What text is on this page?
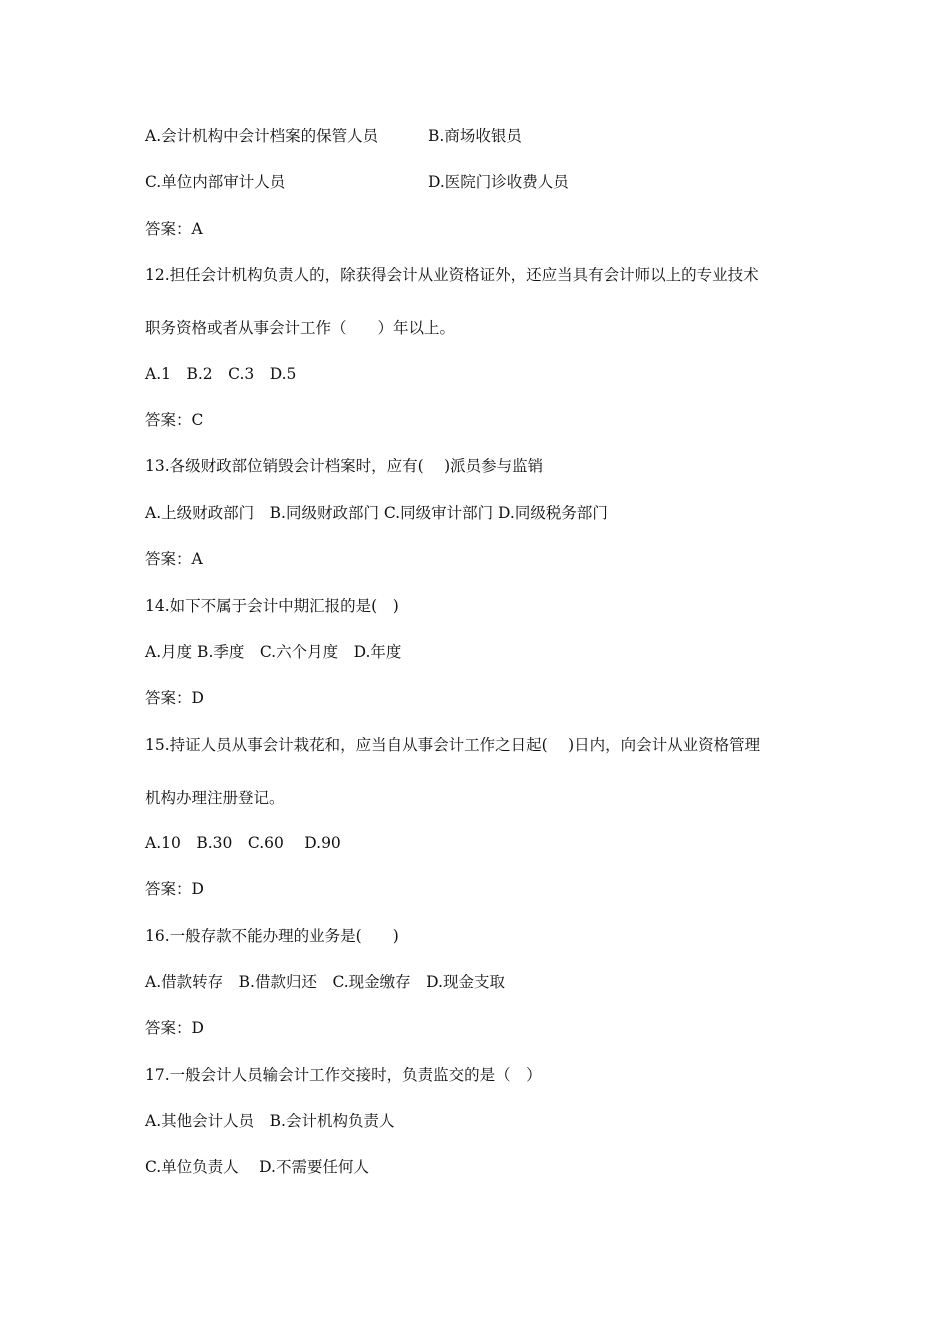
A.会计机构中会计档案的保管人员	B.商场收银员
C.单位内部审计人员	D.医院门诊收费人员
答案：A
12.担任会计机构负责人的，除获得会计从业资格证外，还应当具有会计师以上的专业技术
职务资格或者从事会计工作（　　）年以上。
A.1　B.2　C.3　D.5
答案：C
13.各级财政部位销毁会计档案时，应有(　 )派员参与监销
A.上级财政部门　B.同级财政部门 C.同级审计部门 D.同级税务部门
答案：A
14.如下不属于会计中期汇报的是(　)
A.月度 B.季度　C.六个月度　D.年度
答案：D
15.持证人员从事会计栽花和，应当自从事会计工作之日起(　 )日内，向会计从业资格管理
机构办理注册登记。
A.10　B.30　C.60　 D.90
答案：D
16.一般存款不能办理的业务是(　　)
A.借款转存　B.借款归还　C.现金缴存　D.现金支取
答案：D
17.一般会计人员输会计工作交接时，负责监交的是（　）
A.其他会计人员　B.会计机构负责人
C.单位负责人　 D.不需要任何人
